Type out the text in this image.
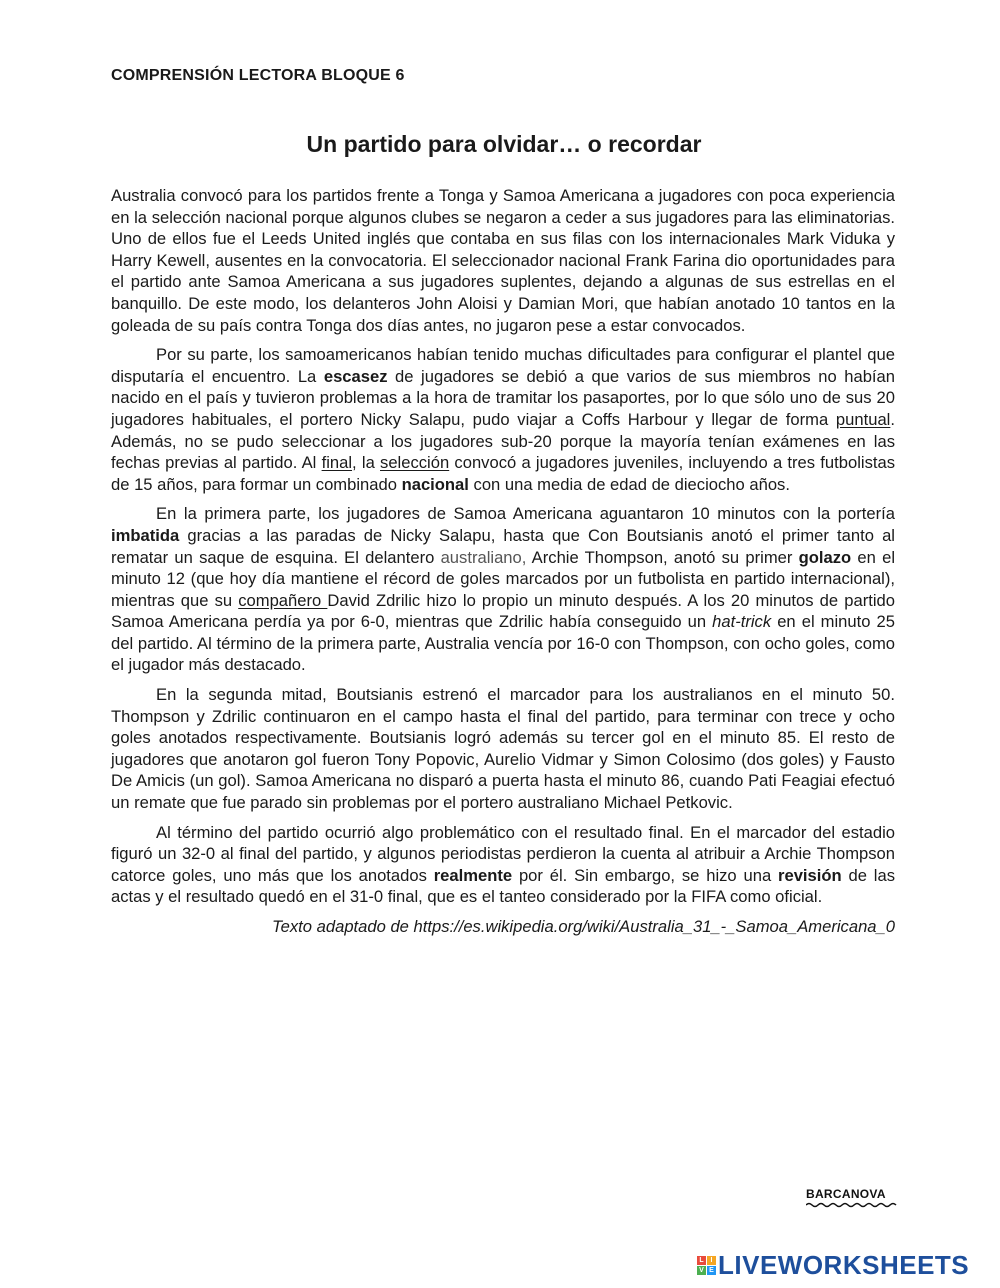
COMPRENSIÓN LECTORA BLOQUE 6
Un partido para olvidar… o recordar

Australia convocó para los partidos frente a Tonga y Samoa Americana a jugadores con poca experiencia en la selección nacional porque algunos clubes se negaron a ceder a sus jugadores para las eliminatorias. Uno de ellos fue el Leeds United inglés que contaba en sus filas con los internacionales Mark Viduka y Harry Kewell, ausentes en la convocatoria. El seleccionador nacional Frank Farina dio oportunidades para el partido ante Samoa Americana a sus jugadores suplentes, dejando a algunas de sus estrellas en el banquillo. De este modo, los delanteros John Aloisi y Damian Mori, que habían anotado 10 tantos en la goleada de su país contra Tonga dos días antes, no jugaron pese a estar convocados.

Por su parte, los samoamericanos habían tenido muchas dificultades para configurar el plantel que disputaría el encuentro. La escasez de jugadores se debió a que varios de sus miembros no habían nacido en el país y tuvieron problemas a la hora de tramitar los pasaportes, por lo que sólo uno de sus 20 jugadores habituales, el portero Nicky Salapu, pudo viajar a Coffs Harbour y llegar de forma puntual. Además, no se pudo seleccionar a los jugadores sub-20 porque la mayoría tenían exámenes en las fechas previas al partido. Al final, la selección convocó a jugadores juveniles, incluyendo a tres futbolistas de 15 años, para formar un combinado nacional con una media de edad de dieciocho años.

En la primera parte, los jugadores de Samoa Americana aguantaron 10 minutos con la portería imbatida gracias a las paradas de Nicky Salapu, hasta que Con Boutsianis anotó el primer tanto al rematar un saque de esquina. El delantero australiano, Archie Thompson, anotó su primer golazo en el minuto 12 (que hoy día mantiene el récord de goles marcados por un futbolista en partido internacional), mientras que su compañero David Zdrilic hizo lo propio un minuto después. A los 20 minutos de partido Samoa Americana perdía ya por 6-0, mientras que Zdrilic había conseguido un hat-trick en el minuto 25 del partido. Al término de la primera parte, Australia vencía por 16-0 con Thompson, con ocho goles, como el jugador más destacado.

En la segunda mitad, Boutsianis estrenó el marcador para los australianos en el minuto 50. Thompson y Zdrilic continuaron en el campo hasta el final del partido, para terminar con trece y ocho goles anotados respectivamente. Boutsianis logró además su tercer gol en el minuto 85. El resto de jugadores que anotaron gol fueron Tony Popovic, Aurelio Vidmar y Simon Colosimo (dos goles) y Fausto De Amicis (un gol). Samoa Americana no disparó a puerta hasta el minuto 86, cuando Pati Feagiai efectuó un remate que fue parado sin problemas por el portero australiano Michael Petkovic.

Al término del partido ocurrió algo problemático con el resultado final. En el marcador del estadio figuró un 32-0 al final del partido, y algunos periodistas perdieron la cuenta al atribuir a Archie Thompson catorce goles, uno más que los anotados realmente por él. Sin embargo, se hizo una revisión de las actas y el resultado quedó en el 31-0 final, que es el tanteo considerado por la FIFA como oficial.

Texto adaptado de https://es.wikipedia.org/wiki/Australia_31_-_Samoa_Americana_0
BARCANOVA
L I
V E LIVEWORKSHEETS
